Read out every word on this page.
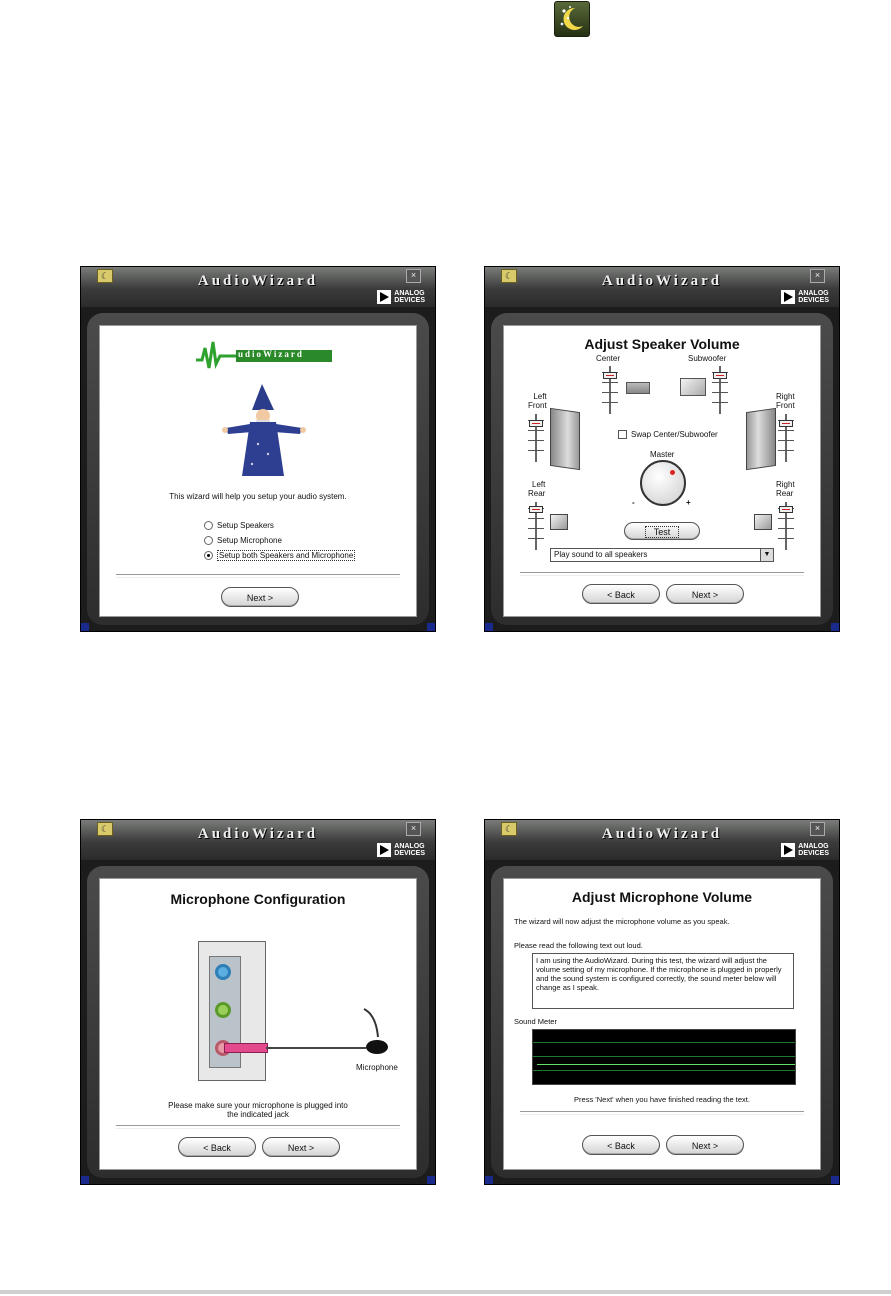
☾	AudioWizard	×
ANALOG
DEVICES
udioWizard
This wizard will help you setup your audio system.
Setup Speakers
Setup Microphone
Setup both Speakers and Microphone
Next >
☾	AudioWizard	×
ANALOG
DEVICES
Adjust Speaker Volume
Center	Subwoofer
Left
Front
Right
Front
Swap Center/Subwoofer
Master
-	+
Left
Rear
Right
Rear
Test
Play sound to all speakers	▼
< Back	Next >
☾	AudioWizard	×
ANALOG
DEVICES
Microphone Configuration
Microphone
Please make sure your microphone is plugged into
the indicated jack
< Back	Next >
☾	AudioWizard	×
ANALOG
DEVICES
Adjust Microphone Volume
The wizard will now adjust the microphone volume as you speak.
Please read the following text out loud.
I am using the AudioWizard. During this test, the wizard will adjust the volume setting of my microphone. If the microphone is plugged in properly and the sound system is configured correctly, the sound meter below will change as I speak.
Sound Meter
Press 'Next' when you have finished reading the text.
< Back	Next >
